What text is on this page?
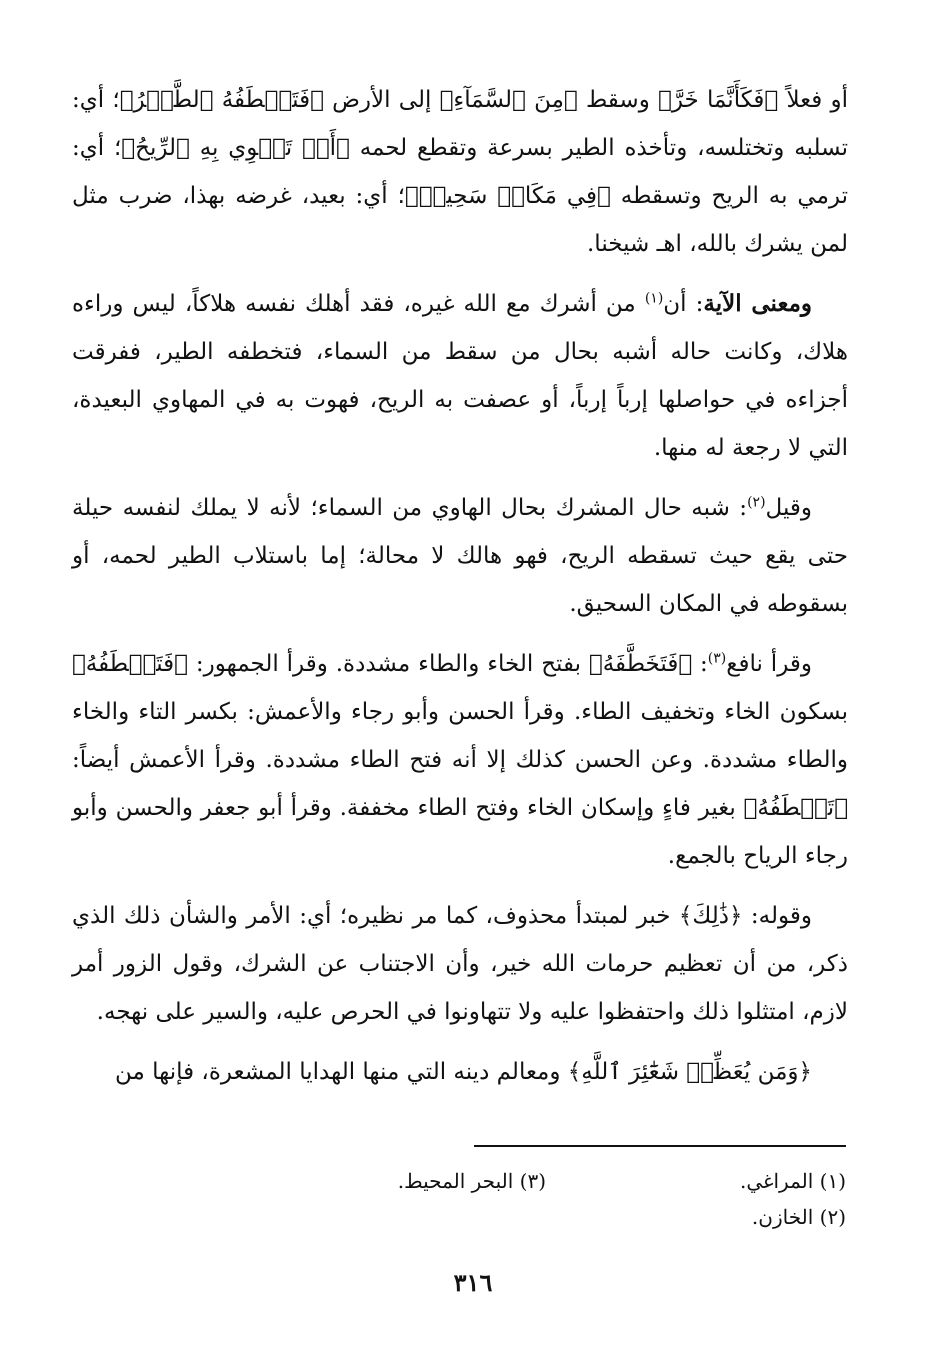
أو فعلاً ﴿فَكَأَنَّمَا خَرَّ﴾ وسقط ﴿مِنَ ٱلسَّمَآءِ﴾ إلى الأرض ﴿فَتَخۡطَفُهُ ٱلطَّيۡرُ﴾؛ أي: تسلبه وتختلسه، وتأخذه الطير بسرعة وتقطع لحمه ﴿أَوۡ تَهۡوِي بِهِ ٱلرِّيحُ﴾؛ أي: ترمي به الريح وتسقطه ﴿فِي مَكَانٖ سَحِيقٖ﴾؛ أي: بعيد، غرضه بهذا، ضرب مثل لمن يشرك بالله، اهـ شيخنا.

ومعنى الآية: أن$^{(١)}$ من أشرك مع الله غيره، فقد أهلك نفسه هلاكاً، ليس وراءه هلاك، وكانت حاله أشبه بحال من سقط من السماء، فتخطفه الطير، ففرقت أجزاءه في حواصلها إرباً إرباً، أو عصفت به الريح، فهوت به في المهاوي البعيدة، التي لا رجعة له منها.

وقيل$^{(٢)}$: شبه حال المشرك بحال الهاوي من السماء؛ لأنه لا يملك لنفسه حيلة حتى يقع حيث تسقطه الريح، فهو هالك لا محالة؛ إما باستلاب الطير لحمه، أو بسقوطه في المكان السحيق.

وقرأ نافع$^{(٣)}$: ﴿فَتَخَطَّفَهُ﴾ بفتح الخاء والطاء مشددة. وقرأ الجمهور: ﴿فَتَخۡطَفُهُ﴾ بسكون الخاء وتخفيف الطاء. وقرأ الحسن وأبو رجاء والأعمش: بكسر التاء والخاء والطاء مشددة. وعن الحسن كذلك إلا أنه فتح الطاء مشددة. وقرأ الأعمش أيضاً: ﴿تَخۡطَفُهُ﴾ بغير فاءٍ وإسكان الخاء وفتح الطاء مخففة. وقرأ أبو جعفر والحسن وأبو رجاء الرياح بالجمع.

وقوله: ﴿ذَٰلِكَ﴾ خبر لمبتدأ محذوف، كما مر نظيره؛ أي: الأمر والشأن ذلك الذي ذكر، من أن تعظيم حرمات الله خير، وأن الاجتناب عن الشرك، وقول الزور أمر لازم، امتثلوا ذلك واحتفظوا عليه ولا تتهاونوا في الحرص عليه، والسير على نهجه.

﴿وَمَن يُعَظِّمۡ شَعَٰٓئِرَ ٱللَّهِ﴾ ومعالم دينه التي منها الهدايا المشعرة، فإنها من

(١) المراغي.
(٣) البحر المحيط.
(٢) الخازن.
٣١٦
